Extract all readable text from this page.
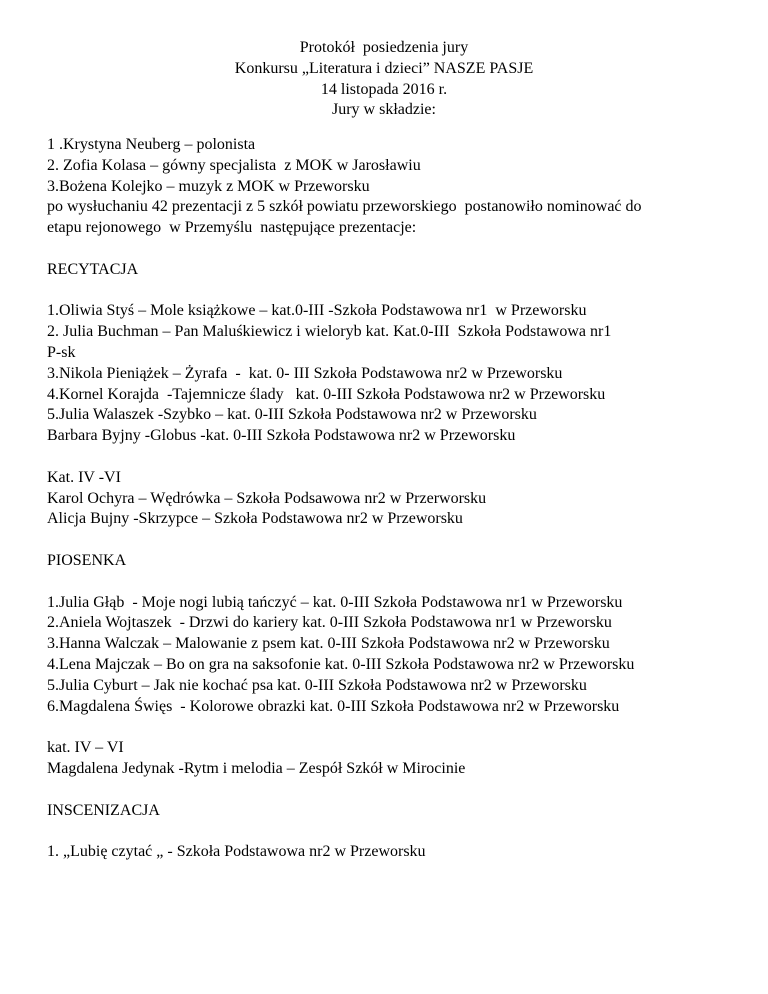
Protokół  posiedzenia jury
Konkursu „Literatura i dzieci” NASZE PASJE
14 listopada 2016 r.
Jury w składzie:
1 .Krystyna Neuberg – polonista
2. Zofia Kolasa – gówny specjalista  z MOK w Jarosławiu
3.Bożena Kolejko – muzyk z MOK w Przeworsku
po wysłuchaniu 42 prezentacji z 5 szkół powiatu przeworskiego  postanowiło nominować do
etapu rejonowego  w Przemyślu  następujące prezentacje:
RECYTACJA
1.Oliwia Styś – Mole książkowe – kat.0-III -Szkoła Podstawowa nr1  w Przeworsku
2. Julia Buchman – Pan Maluśkiewicz i wieloryb kat. Kat.0-III  Szkoła Podstawowa nr1
P-sk
3.Nikola Pieniążek – Żyrafa  -  kat. 0- III Szkoła Podstawowa nr2 w Przeworsku
4.Kornel Korajda  -Tajemnicze ślady   kat. 0-III Szkoła Podstawowa nr2 w Przeworsku
5.Julia Walaszek -Szybko – kat. 0-III Szkoła Podstawowa nr2 w Przeworsku
Barbara Byjny -Globus -kat. 0-III Szkoła Podstawowa nr2 w Przeworsku
Kat. IV -VI
Karol Ochyra – Wędrówka – Szkoła Podsawowa nr2 w Przerworsku
Alicja Bujny -Skrzypce – Szkoła Podstawowa nr2 w Przeworsku
PIOSENKA
1.Julia Głąb  - Moje nogi lubią tańczyć – kat. 0-III Szkoła Podstawowa nr1 w Przeworsku
2.Aniela Wojtaszek  - Drzwi do kariery kat. 0-III Szkoła Podstawowa nr1 w Przeworsku
3.Hanna Walczak – Malowanie z psem kat. 0-III Szkoła Podstawowa nr2 w Przeworsku
4.Lena Majczak – Bo on gra na saksofonie kat. 0-III Szkoła Podstawowa nr2 w Przeworsku
5.Julia Cyburt – Jak nie kochać psa kat. 0-III Szkoła Podstawowa nr2 w Przeworsku
6.Magdalena Święs  - Kolorowe obrazki kat. 0-III Szkoła Podstawowa nr2 w Przeworsku
kat. IV – VI
Magdalena Jedynak -Rytm i melodia – Zespół Szkół w Mirocinie
INSCENIZACJA
1. „Lubię czytać „ - Szkoła Podstawowa nr2 w Przeworsku
